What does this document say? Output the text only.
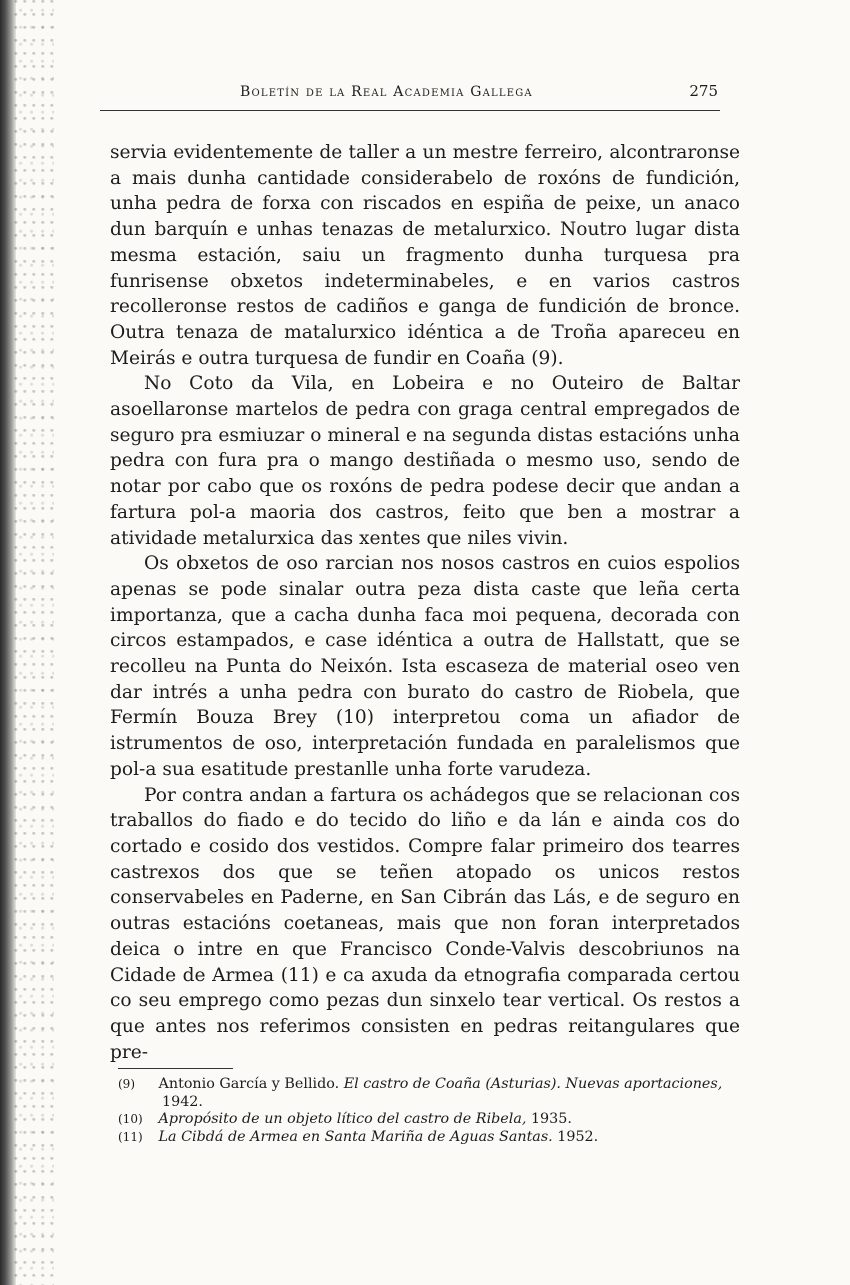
Boletín de la Real Academia Gallega	275

servia evidentemente de taller a un mestre ferreiro, alcontraronse a mais dunha cantidade considerabelo de roxóns de fundición, unha pedra de forxa con riscados en espiña de peixe, un anaco dun barquín e unhas tenazas de metalurxico. Noutro lugar dista mesma estación, saiu un fragmento dunha turquesa pra funrisense obxetos indeterminabeles, e en varios castros recolleronse restos de cadiños e ganga de fundición de bronce. Outra tenaza de matalurxico idéntica a de Troña apareceu en Meirás e outra turquesa de fundir en Coaña (9).

No Coto da Vila, en Lobeira e no Outeiro de Baltar asoellaronse martelos de pedra con graga central empregados de seguro pra esmiuzar o mineral e na segunda distas estacións unha pedra con fura pra o mango destiñada o mesmo uso, sendo de notar por cabo que os roxóns de pedra podese decir que andan a fartura pol-a maoria dos castros, feito que ben a mostrar a atividade metalurxica das xentes que niles vivin.

Os obxetos de oso rarcian nos nosos castros en cuios espolios apenas se pode sinalar outra peza dista caste que leña certa importanza, que a cacha dunha faca moi pequena, decorada con circos estampados, e case idéntica a outra de Hallstatt, que se recolleu na Punta do Neixón. Ista escaseza de material oseo ven dar intrés a unha pedra con burato do castro de Riobela, que Fermín Bouza Brey (10) interpretou coma un afiador de istrumentos de oso, interpretación fundada en paralelismos que pol-a sua esatitude prestanlle unha forte varudeza.

Por contra andan a fartura os achádegos que se relacionan cos traballos do fiado e do tecido do liño e da lán e ainda cos do cortado e cosido dos vestidos. Compre falar primeiro dos tearres castrexos dos que se teñen atopado os unicos restos conservabeles en Paderne, en San Cibrán das Lás, e de seguro en outras estacións coetaneas, mais que non foran interpretados deica o intre en que Francisco Conde-Valvis descobriunos na Cidade de Armea (11) e ca axuda da etnografia comparada certou co seu emprego como pezas dun sinxelo tear vertical. Os restos a que antes nos referimos consisten en pedras reitangulares que pre-

(9) Antonio García y Bellido. El castro de Coaña (Asturias). Nuevas aportaciones, 1942.
(10) Apropósito de un objeto lítico del castro de Ribela, 1935.
(11) La Cibdá de Armea en Santa Mariña de Aguas Santas. 1952.
